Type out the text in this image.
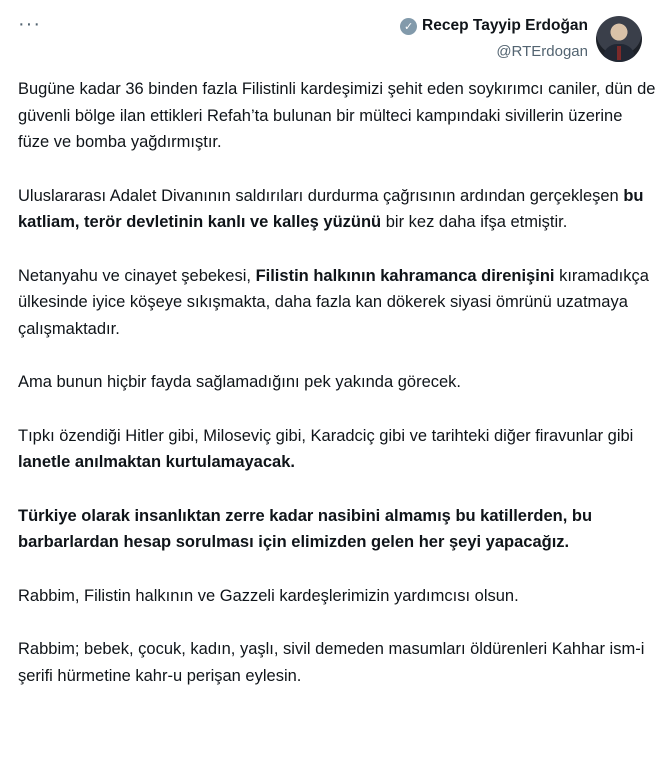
···	✓ Recep Tayyip Erdoğan
@RTErdogan

Bugüne kadar 36 binden fazla Filistinli kardeşimizi şehit eden soykırımcı caniler, dün de güvenli bölge ilan ettikleri Refah’ta bulunan bir mülteci kampındaki sivillerin üzerine füze ve bomba yağdırmıştır.

Uluslararası Adalet Divanının saldırıları durdurma çağrısının ardından gerçekleşen bu katliam, terör devletinin kanlı ve kalleş yüzünü bir kez daha ifşa etmiştir.

Netanyahu ve cinayet şebekesi, Filistin halkının kahramanca direnişini kıramadıkça ülkesinde iyice köşeye sıkışmakta, daha fazla kan dökerek siyasi ömrünü uzatmaya çalışmaktadır.

Ama bunun hiçbir fayda sağlamadığını pek yakında görecek.

Tıpkı özendiği Hitler gibi, Miloseviç gibi, Karadciç gibi ve tarihteki diğer firavunlar gibi lanetle anılmaktan kurtulamayacak.

Türkiye olarak insanlıktan zerre kadar nasibini almamış bu katillerden, bu barbarlardan hesap sorulması için elimizden gelen her şeyi yapacağız.

Rabbim, Filistin halkının ve Gazzeli kardeşlerimizin yardımcısı olsun.

Rabbim; bebek, çocuk, kadın, yaşlı, sivil demeden masumları öldürenleri Kahhar ism-i şerifi hürmetine kahr-u perişan eylesin.
